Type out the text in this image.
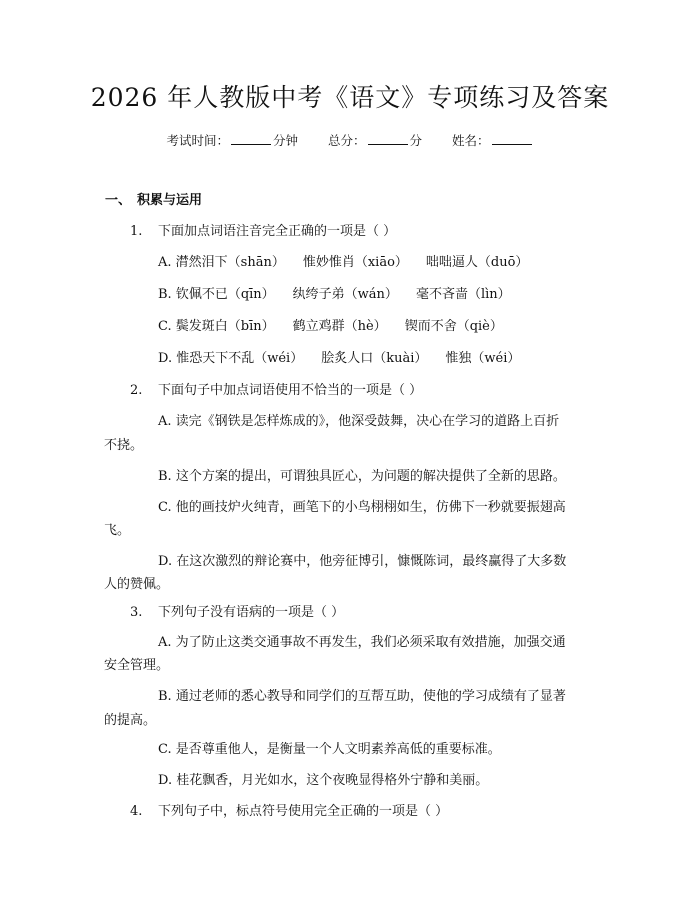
2026 年人教版中考《语文》专项练习及答案
考试时间：	分钟 总分：	分 姓名：
一、 积累与运用
1. 下面加点词语注音完全正确的一项是（ ）
A. 潸然泪下（shān） 惟妙惟肖（xiāo） 咄咄逼人（duō）
B. 钦佩不已（qīn） 纨绔子弟（wán） 毫不吝啬（lìn）
C. 鬓发斑白（bīn） 鹤立鸡群（hè） 锲而不舍（qiè）
D. 惟恐天下不乱（wéi） 脍炙人口（kuài） 惟独（wéi）
2. 下面句子中加点词语使用不恰当的一项是（ ）
A. 读完《钢铁是怎样炼成的》，他深受鼓舞，决心在学习的道路上百折
不挠。
B. 这个方案的提出，可谓独具匠心，为问题的解决提供了全新的思路。
C. 他的画技炉火纯青，画笔下的小鸟栩栩如生，仿佛下一秒就要振翅高
飞。
D. 在这次激烈的辩论赛中，他旁征博引，慷慨陈词，最终赢得了大多数
人的赞佩。
3. 下列句子没有语病的一项是（ ）
A. 为了防止这类交通事故不再发生，我们必须采取有效措施，加强交通
安全管理。
B. 通过老师的悉心教导和同学们的互帮互助，使他的学习成绩有了显著
的提高。
C. 是否尊重他人，是衡量一个人文明素养高低的重要标准。
D. 桂花飘香，月光如水，这个夜晚显得格外宁静和美丽。
4. 下列句子中，标点符号使用完全正确的一项是（ ）
